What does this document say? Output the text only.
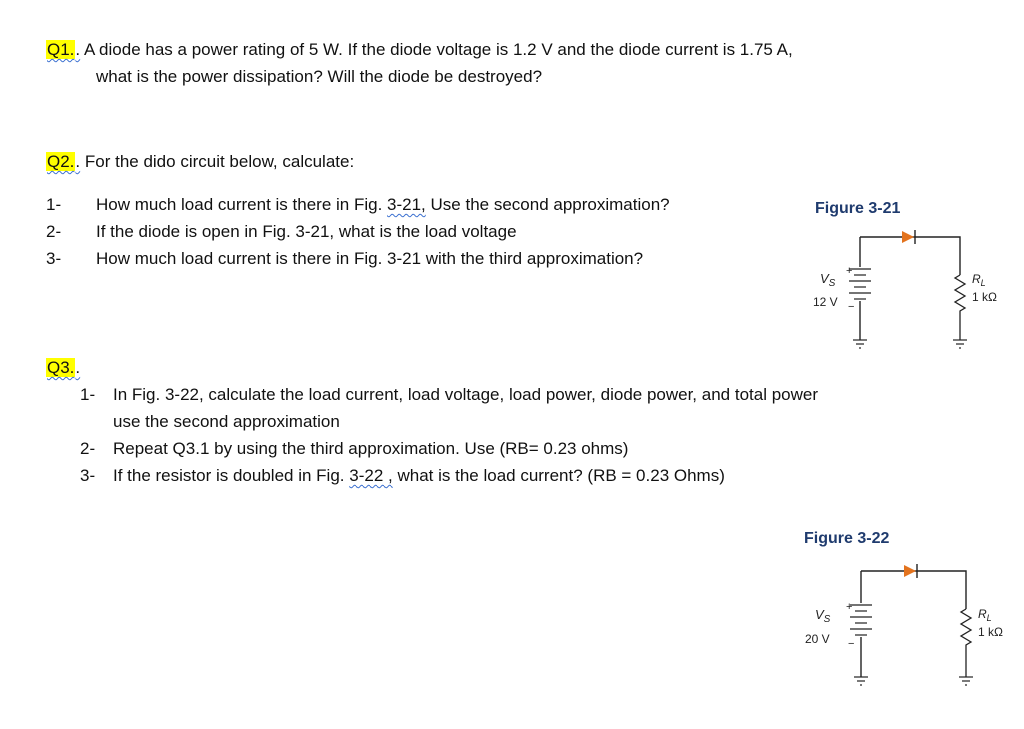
Q1.. A diode has a power rating of 5 W. If the diode voltage is 1.2 V and the diode current is 1.75 A,
what is the power dissipation? Will the diode be destroyed?
Q2.. For the dido circuit below, calculate:
1- How much load current is there in Fig. 3-21, Use the second approximation?
2- If the diode is open in Fig. 3-21, what is the load voltage
3- How much load current is there in Fig. 3-21 with the third approximation?
Figure 3-21
$V_S$
12 V
+
−
$R_L$
1 kΩ
Q3..
1- In Fig. 3-22, calculate the load current, load voltage, load power, diode power, and total power
use the second approximation
2- Repeat Q3.1 by using the third approximation. Use (RB= 0.23 ohms)
3- If the resistor is doubled in Fig. 3-22 , what is the load current? (RB = 0.23 Ohms)
Figure 3-22
$V_S$
20 V
+
−
$R_L$
1 kΩ
